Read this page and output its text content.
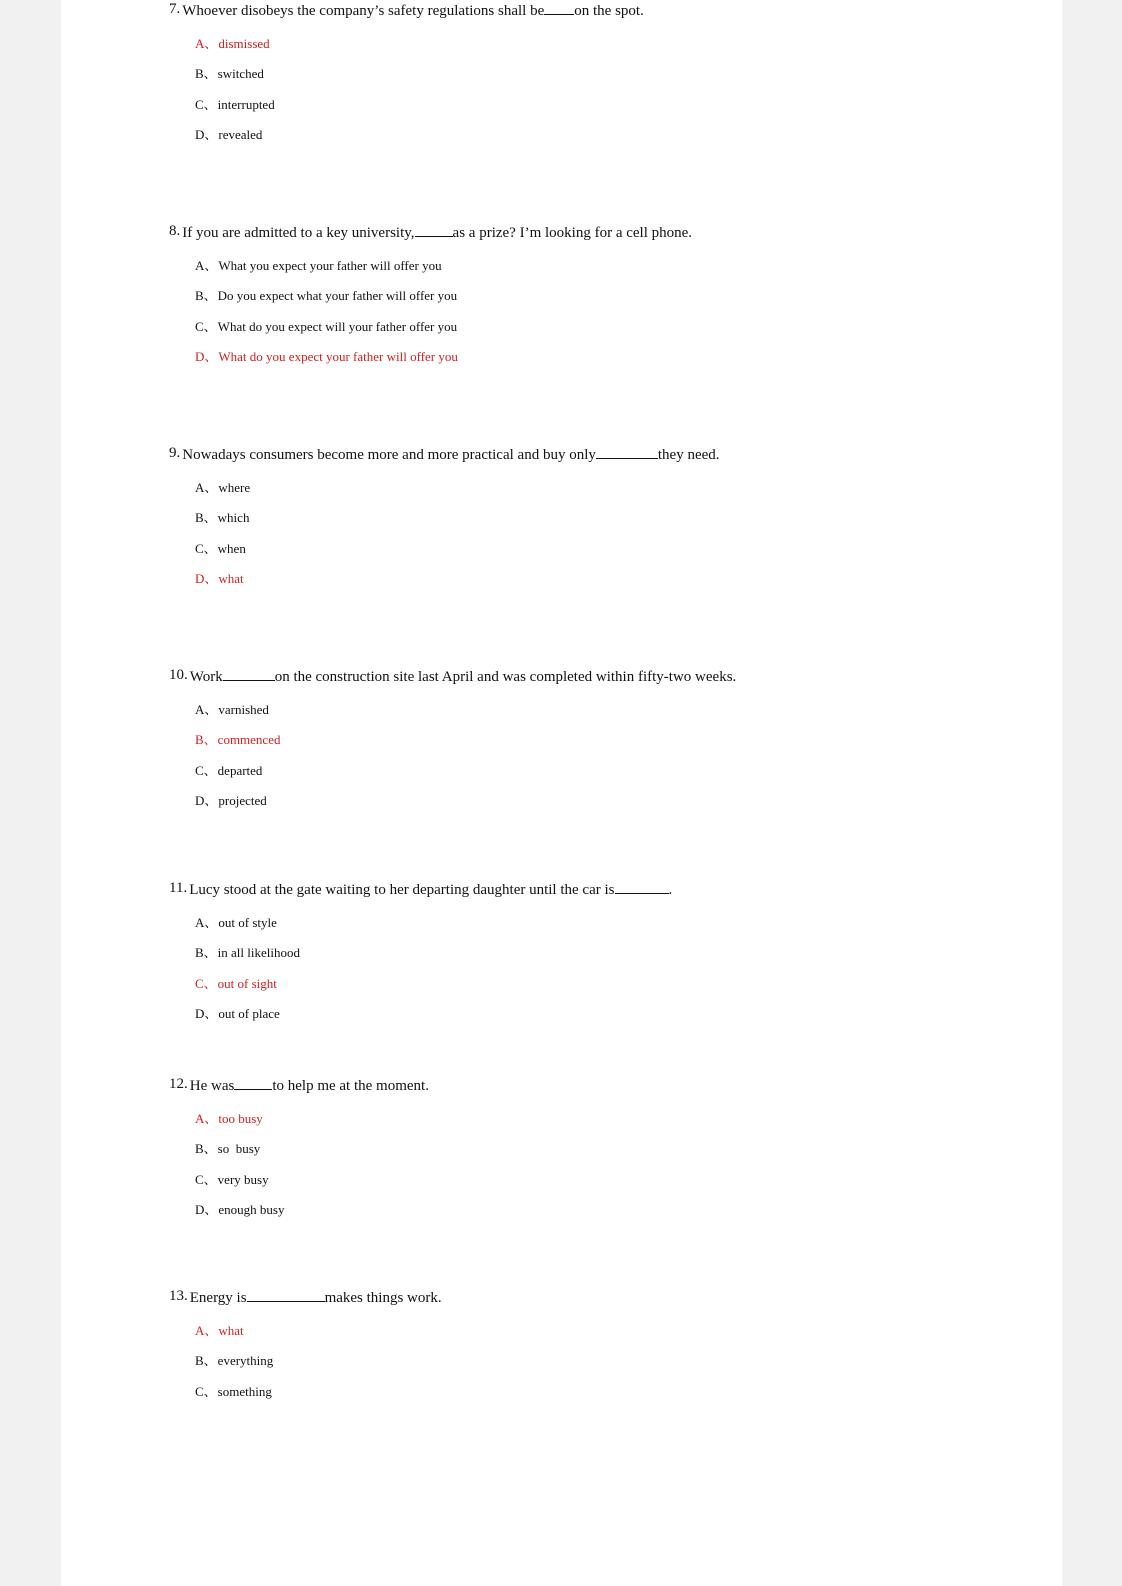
7. Whoever disobeys the company’s safety regulations shall be on the spot.
A、dismissed
B、switched
C、interrupted
D、revealed
8. If you are admitted to a key university,	as a prize? I’m looking for a cell phone.
A、What you expect your father will offer you
B、Do you expect what your father will offer you
C、What do you expect will your father offer you
D、What do you expect your father will offer you
9. Nowadays consumers become more and more practical and buy only	they need.
A、where
B、which
C、when
D、what
10. Work	on the construction site last April and was completed within fifty-two weeks.
A、varnished
B、commenced
C、departed
D、projected
11. Lucy stood at the gate waiting to her departing daughter until the car is	.
A、out of style
B、in all likelihood
C、out of sight
D、out of place
12. He was	to help me at the moment.
A、too busy
B、so  busy
C、very busy
D、enough busy
13. Energy is	makes things work.
A、what
B、everything
C、something
